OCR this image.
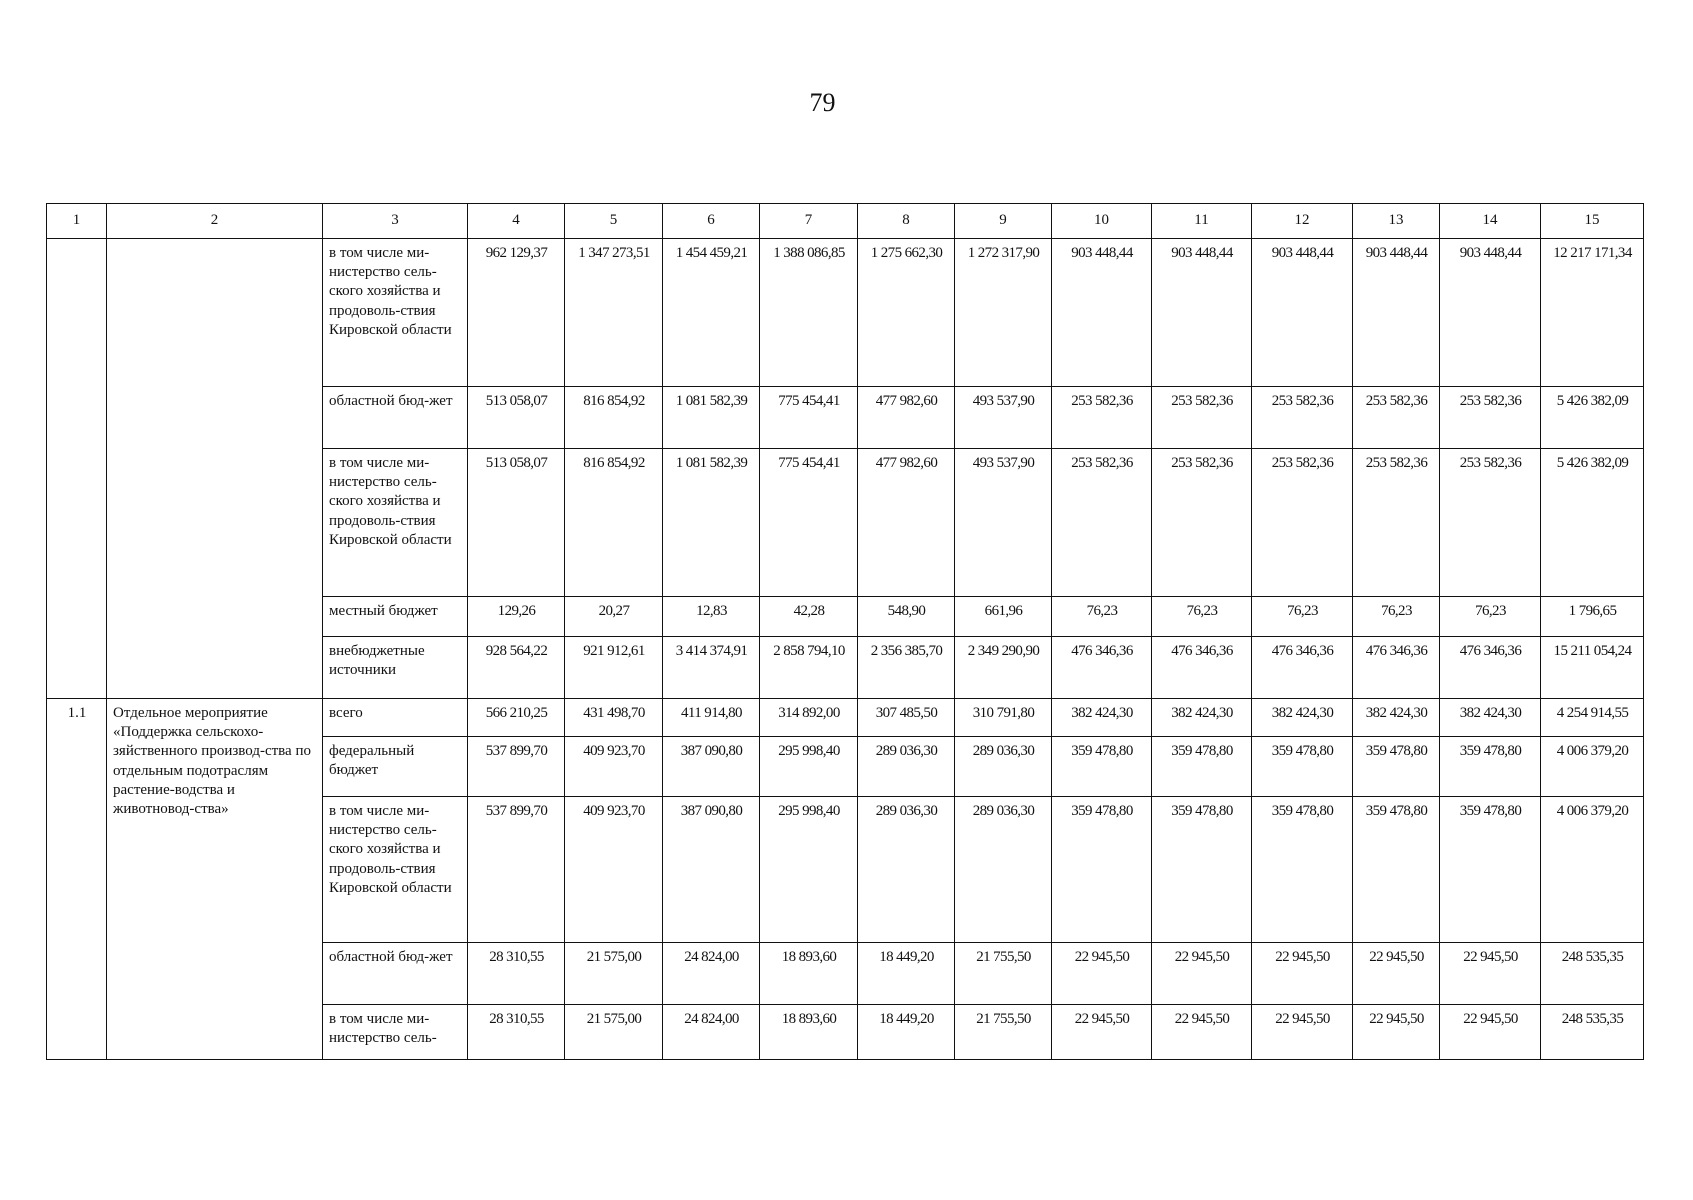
79
1	2	3	4	5	6	7	8	9	10	11	12	13	14	15
		в том числе ми-нистерство сель-ского хозяйства и продоволь-ствия Кировской области	962 129,37	1 347 273,51	1 454 459,21	1 388 086,85	1 275 662,30	1 272 317,90	903 448,44	903 448,44	903 448,44	903 448,44	903 448,44	12 217 171,34
		областной бюд-жет	513 058,07	816 854,92	1 081 582,39	775 454,41	477 982,60	493 537,90	253 582,36	253 582,36	253 582,36	253 582,36	253 582,36	5 426 382,09
		в том числе ми-нистерство сель-ского хозяйства и продоволь-ствия Кировской области	513 058,07	816 854,92	1 081 582,39	775 454,41	477 982,60	493 537,90	253 582,36	253 582,36	253 582,36	253 582,36	253 582,36	5 426 382,09
		местный бюджет	129,26	20,27	12,83	42,28	548,90	661,96	76,23	76,23	76,23	76,23	76,23	1 796,65
		внебюджетные источники	928 564,22	921 912,61	3 414 374,91	2 858 794,10	2 356 385,70	2 349 290,90	476 346,36	476 346,36	476 346,36	476 346,36	476 346,36	15 211 054,24
1.1	Отдельное мероприятие «Поддержка сельскохо-зяйственного производ-ства по отдельным подотраслям растение-водства и животновод-ства»	всего	566 210,25	431 498,70	411 914,80	314 892,00	307 485,50	310 791,80	382 424,30	382 424,30	382 424,30	382 424,30	382 424,30	4 254 914,55
		федеральный бюджет	537 899,70	409 923,70	387 090,80	295 998,40	289 036,30	289 036,30	359 478,80	359 478,80	359 478,80	359 478,80	359 478,80	4 006 379,20
		в том числе ми-нистерство сель-ского хозяйства и продоволь-ствия Кировской области	537 899,70	409 923,70	387 090,80	295 998,40	289 036,30	289 036,30	359 478,80	359 478,80	359 478,80	359 478,80	359 478,80	4 006 379,20
		областной бюд-жет	28 310,55	21 575,00	24 824,00	18 893,60	18 449,20	21 755,50	22 945,50	22 945,50	22 945,50	22 945,50	22 945,50	248 535,35
		в том числе ми-нистерство сель-	28 310,55	21 575,00	24 824,00	18 893,60	18 449,20	21 755,50	22 945,50	22 945,50	22 945,50	22 945,50	22 945,50	248 535,35
